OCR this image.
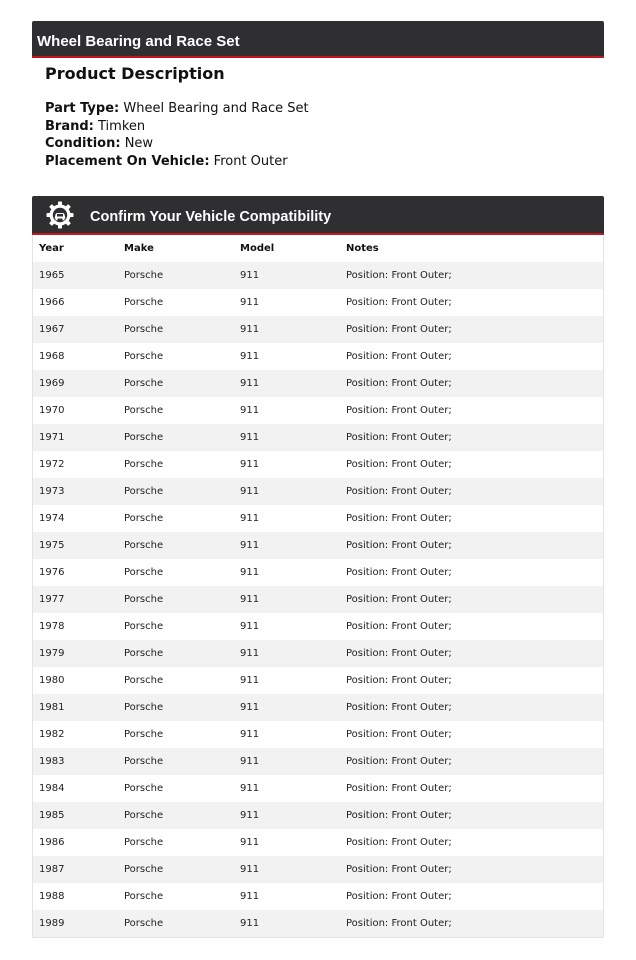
Wheel Bearing and Race Set
Product Description
Part Type: Wheel Bearing and Race Set
Brand: Timken
Condition: New
Placement On Vehicle: Front Outer
Confirm Your Vehicle Compatibility
Year	Make	Model	Notes
1965	Porsche	911	Position: Front Outer;
1966	Porsche	911	Position: Front Outer;
1967	Porsche	911	Position: Front Outer;
1968	Porsche	911	Position: Front Outer;
1969	Porsche	911	Position: Front Outer;
1970	Porsche	911	Position: Front Outer;
1971	Porsche	911	Position: Front Outer;
1972	Porsche	911	Position: Front Outer;
1973	Porsche	911	Position: Front Outer;
1974	Porsche	911	Position: Front Outer;
1975	Porsche	911	Position: Front Outer;
1976	Porsche	911	Position: Front Outer;
1977	Porsche	911	Position: Front Outer;
1978	Porsche	911	Position: Front Outer;
1979	Porsche	911	Position: Front Outer;
1980	Porsche	911	Position: Front Outer;
1981	Porsche	911	Position: Front Outer;
1982	Porsche	911	Position: Front Outer;
1983	Porsche	911	Position: Front Outer;
1984	Porsche	911	Position: Front Outer;
1985	Porsche	911	Position: Front Outer;
1986	Porsche	911	Position: Front Outer;
1987	Porsche	911	Position: Front Outer;
1988	Porsche	911	Position: Front Outer;
1989	Porsche	911	Position: Front Outer;
